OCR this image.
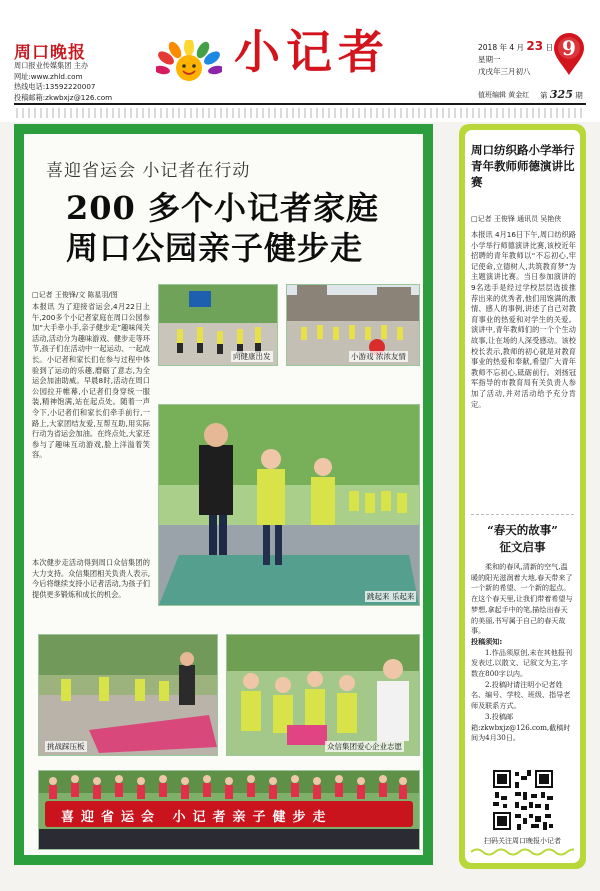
周口晚报
周口报业传媒集团 主办
网址:www.zhld.com
热线电话:13592220007
投稿邮箱:zkwbxjz@126.com
小记者	2018 年 4 月 23 日
星期一
戊戌年三月初八
9
值班编辑 黄金红 第 325 期
喜迎省运会 小记者在行动
200 多个小记者家庭
周口公园亲子健步走
□记者 王俊锋/文 陈星羽/图
本报讯 为了迎接省运会,4月22日上午,200多个小记者家庭在周口公园参加“大手牵小手,亲子健步走”趣味闯关活动,活动分为趣味游戏、健步走等环节,孩子们在活动中一起运动、一起成长。小记者和家长们在参与过程中体验到了运动的乐趣,磨砺了意志,为全运会加油助威。早晨8时,活动在周口公园拉开帷幕,小记者们身穿统一服装,精神饱满,站在起点处。随着一声令下,小记者们和家长们牵手前行,一路上,大家团结友爱,互帮互助,用实际行动为省运会加油。在终点处,大家还参与了趣味互动游戏,脸上洋溢着笑容。
本次健步走活动得到周口众信集团的大力支持。众信集团相关负责人表示,今后将继续支持小记者活动,为孩子们提供更多锻炼和成长的机会。
向健康出发	小游戏 浓浓友情
跳起来 乐起来
挑战踩压板	众信集团爱心企业志愿
喜迎省运会 小记者亲子健步走
周口纺织路小学举行青年教师师德演讲比赛
□记者 王俊锋 通讯员 吴艳侠
本报讯 4月16日下午,周口纺织路小学举行师德演讲比赛,该校近年招聘的青年教师以“不忘初心,牢记使命,立德树人,共筑教育梦”为主题演讲比赛。当日参加演讲的9名选手是经过学校层层选拔推荐出来的优秀者,他们用饱满的激情、感人的事例,讲述了自己对教育事业的热爱和对学生的关爱。演讲中,青年教师们的一个个生动故事,让在场的人深受感动。该校校长表示,教师的初心就是对教育事业的热爱和奉献,希望广大青年教师不忘初心,砥砺前行。刘扬冠军指导的市教育局有关负责人参加了活动,并对活动给予充分肯定。
“春天的故事”
征文启事

柔和的春风,清新的空气,温暖的阳光滋润着大地,春天带来了一个新的希望、一个新的起点。在这个春天里,让我们带着希望与梦想,拿起手中的笔,描绘出春天的美丽,书写属于自己的春天故事。

投稿须知:

1.作品须原创,未在其他报刊发表过,以散文、记叙文为主,字数在800字以内。

2.投稿时请注明小记者姓名、编号、学校、班级、指导老师及联系方式。

3.投稿邮箱:zkwbxjz@126.com,截稿时间为4月30日。

扫码关注周口晚报小记者
